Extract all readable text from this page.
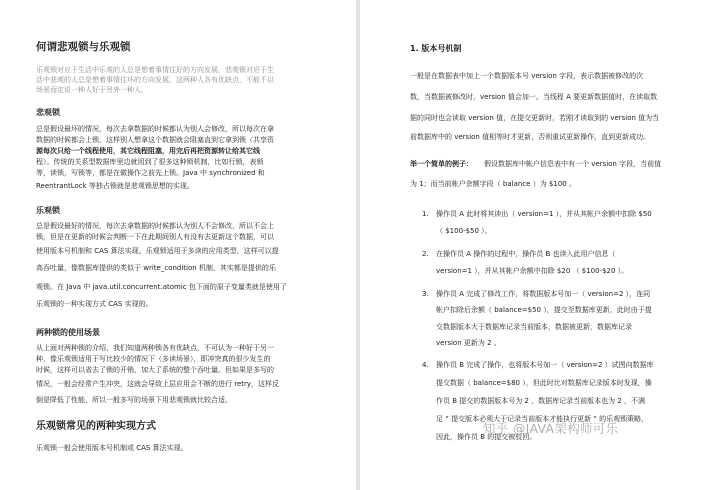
何谓悲观锁与乐观锁
乐观锁对应于生活中乐观的人总是想着事情往好的方向发展，悲观锁对应于生
活中悲观的人总是想着事情往坏的方向发展。这两种人各有优缺点，不能不以
场景而定说一种人好于另外一种人。
悲观锁
总是假设最坏的情况，每次去拿数据的时候都认为别人会修改，所以每次在拿
数据的时候都会上锁，这样别人想拿这个数据就会阻塞直到它拿到锁（共享资
源每次只给一个线程使用，其它线程阻塞，用完后再把资源转让给其它线
程）。传统的关系型数据库里边就用到了很多这种锁机制，比如行锁，表锁
等，读锁，写锁等，都是在做操作之前先上锁。Java 中 synchronized 和
ReentrantLock 等独占锁就是悲观锁思想的实现。
乐观锁
总是假设最好的情况，每次去拿数据的时候都认为别人不会修改，所以不会上
锁，但是在更新的时候会判断一下在此期间别人有没有去更新这个数据，可以
使用版本号机制和 CAS 算法实现。乐观锁适用于多读的应用类型，这样可以提
高吞吐量，像数据库提供的类似于 write_condition 机制，其实都是提供的乐
观锁。在 Java 中 java.util.concurrent.atomic 包下面的原子变量类就是使用了
乐观锁的一种实现方式 CAS 实现的。
两种锁的使用场景
从上面对两种锁的介绍，我们知道两种锁各有优缺点，不可认为一种好于另一
种，像乐观锁适用于写比较少的情况下（多读场景），即冲突真的很少发生的
时候，这样可以省去了锁的开销，加大了系统的整个吞吐量。但如果是多写的
情况，一般会经常产生冲突，这就会导致上层应用会不断的进行 retry，这样反
倒是降低了性能，所以一般多写的场景下用悲观锁就比较合适。
乐观锁常见的两种实现方式
乐观锁一般会使用版本号机制或 CAS 算法实现。
1. 版本号机制
一般是在数据表中加上一个数据版本号 version 字段，表示数据被修改的次
数，当数据被修改时，version 值会加一。当线程 A 要更新数据值时，在读取数
据的同时也会读取 version 值，在提交更新时，若刚才读取到的 version 值为当
前数据库中的 version 值相等时才更新，否则重试更新操作，直到更新成功。
举一个简单的例子： 假设数据库中帐户信息表中有一个 version 字段，当前值
为 1；而当前帐户余额字段（ balance ）为 $100 。
1. 操作员 A 此时将其读出（ version=1 ），并从其帐户余额中扣除 $50
（ $100-$50 ）。
2. 在操作员 A 操作的过程中，操作员 B 也读入此用户信息（
version=1 ），并从其帐户余额中扣除 $20 （ $100-$20 ）。
3. 操作员 A 完成了修改工作，将数据版本号加一（ version=2 ），连同
帐户扣除后余额（ balance=$50 ），提交至数据库更新，此时由于提
交数据版本大于数据库记录当前版本，数据被更新，数据库记录
version 更新为 2 。
4. 操作员 B 完成了操作，也将版本号加一（ version=2 ）试图向数据库
提交数据（ balance=$80 ），但此时比对数据库记录版本时发现，操
作员 B 提交的数据版本号为 2 ，数据库记录当前版本也为 2 ，不满
足 “ 提交版本必须大于记录当前版本才能执行更新 “ 的乐观锁策略，
因此，操作员 B 的提交被驳回。
知乎 @JAVA架构师可乐
